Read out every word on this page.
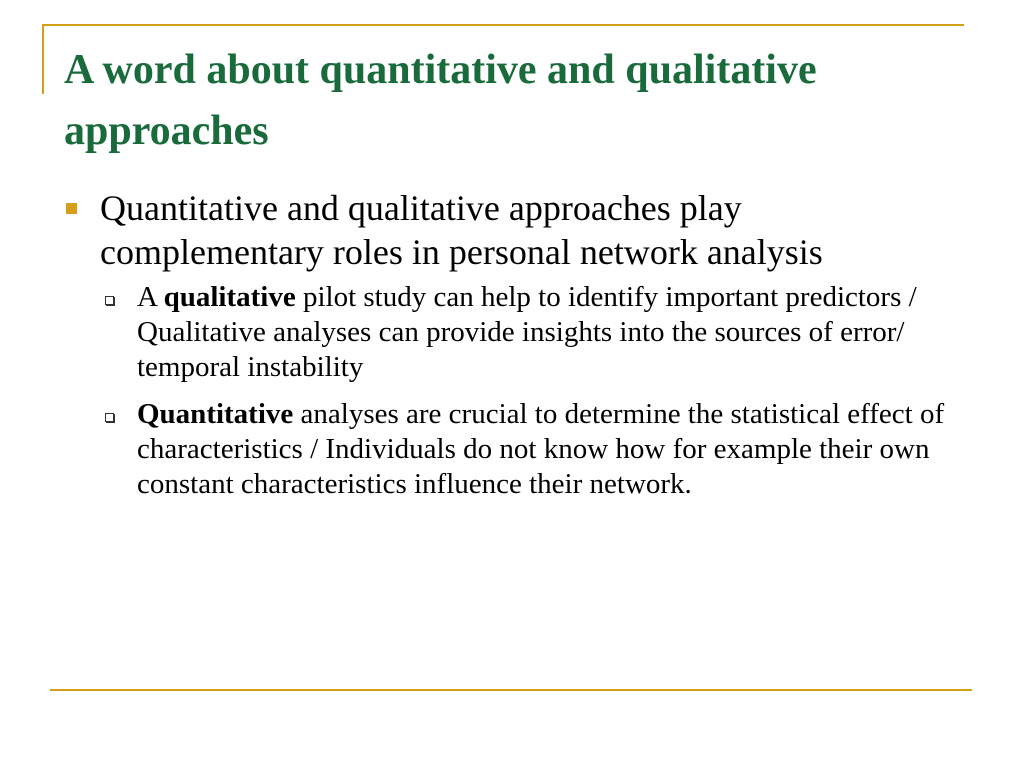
A word about quantitative and qualitative approaches
Quantitative and qualitative approaches play complementary roles in personal network analysis
A qualitative pilot study can help to identify important predictors / Qualitative analyses can provide insights into the sources of error/ temporal instability
Quantitative analyses are crucial to determine the statistical effect of characteristics / Individuals do not know how for example their own constant characteristics influence their network.
